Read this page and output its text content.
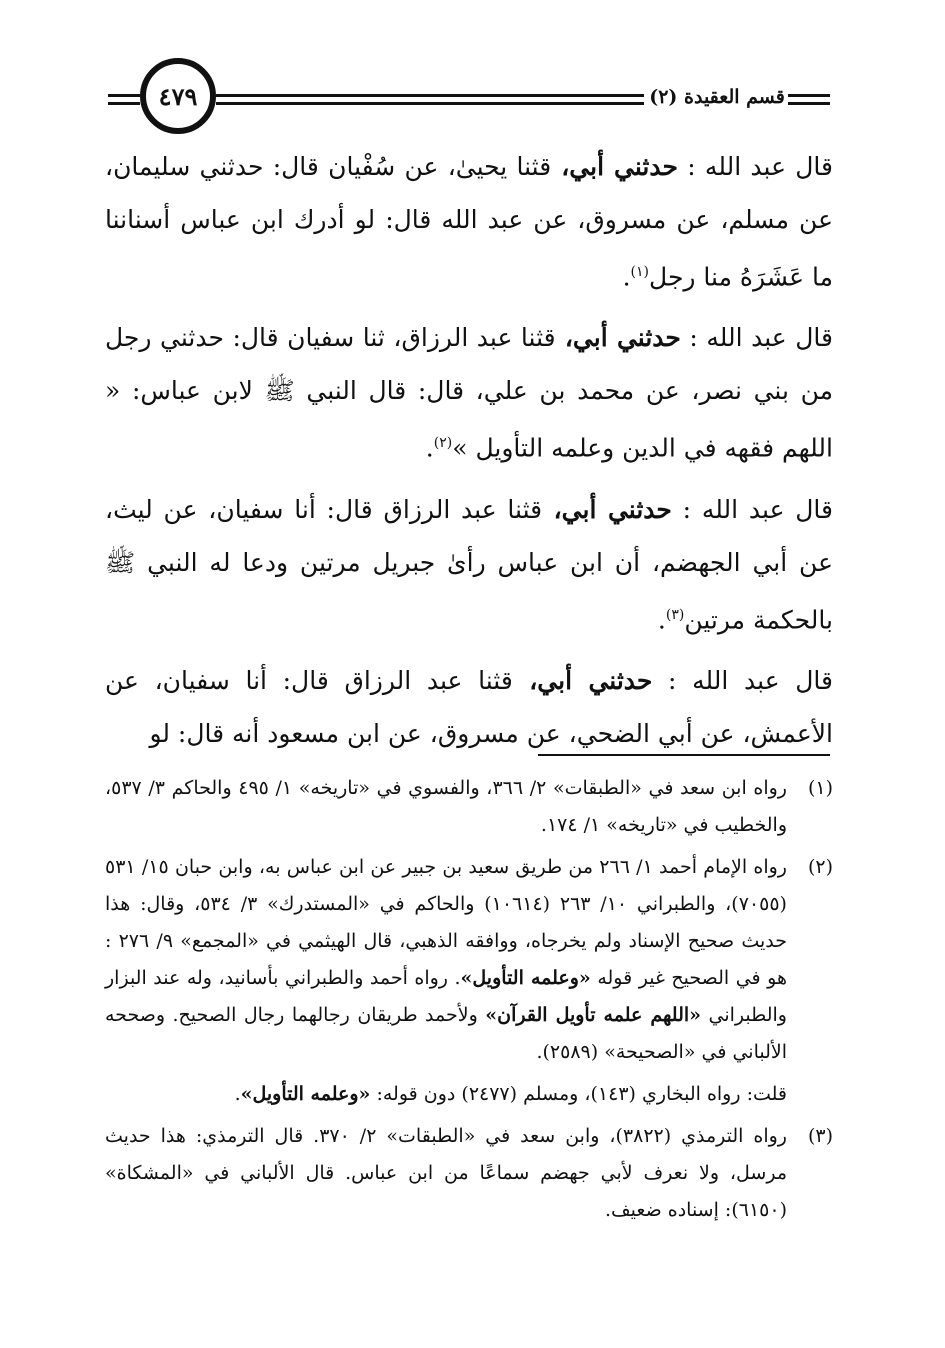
٤٧٩	قسم العقيدة (٢)

قال عبد الله : حدثني أبي، قثنا يحيىٰ، عن سُفْيان قال: حدثني سليمان، عن مسلم، عن مسروق، عن عبد الله قال: لو أدرك ابن عباس أسناننا ما عَشَرَهُ منا رجل$^{(١)}$.

قال عبد الله : حدثني أبي، قثنا عبد الرزاق، ثنا سفيان قال: حدثني رجل من بني نصر، عن محمد بن علي، قال: قال النبي ﷺ لابن عباس: « اللهم فقهه في الدين وعلمه التأويل »$^{(٢)}$.

قال عبد الله : حدثني أبي، قثنا عبد الرزاق قال: أنا سفيان، عن ليث، عن أبي الجهضم، أن ابن عباس رأىٰ جبريل مرتين ودعا له النبي ﷺ بالحكمة مرتين$^{(٣)}$.

قال عبد الله : حدثني أبي، قثنا عبد الرزاق قال: أنا سفيان، عن الأعمش، عن أبي الضحي، عن مسروق، عن ابن مسعود أنه قال: لو

(١)
رواه ابن سعد في «الطبقات» ٢/ ٣٦٦، والفسوي في «تاريخه» ١/ ٤٩٥ والحاكم ٣/ ٥٣٧، والخطيب في «تاريخه» ١/ ١٧٤.
(٢)
رواه الإمام أحمد ١/ ٢٦٦ من طريق سعيد بن جبير عن ابن عباس به، وابن حبان ١٥/ ٥٣١ (٧٠٥٥)، والطبراني ١٠/ ٢٦٣ (١٠٦١٤) والحاكم في «المستدرك» ٣/ ٥٣٤، وقال: هذا حديث صحيح الإسناد ولم يخرجاه، ووافقه الذهبي، قال الهيثمي في «المجمع» ٩/ ٢٧٦ : هو في الصحيح غير قوله «وعلمه التأويل». رواه أحمد والطبراني بأسانيد، وله عند البزار والطبراني «اللهم علمه تأويل القرآن» ولأحمد طريقان رجالهما رجال الصحيح. وصححه الألباني في «الصحيحة» (٢٥٨٩).
قلت: رواه البخاري (١٤٣)، ومسلم (٢٤٧٧) دون قوله: «وعلمه التأويل».
(٣)
رواه الترمذي (٣٨٢٢)، وابن سعد في «الطبقات» ٢/ ٣٧٠. قال الترمذي: هذا حديث مرسل، ولا نعرف لأبي جهضم سماعًا من ابن عباس. قال الألباني في «المشكاة» (٦١٥٠): إسناده ضعيف.
